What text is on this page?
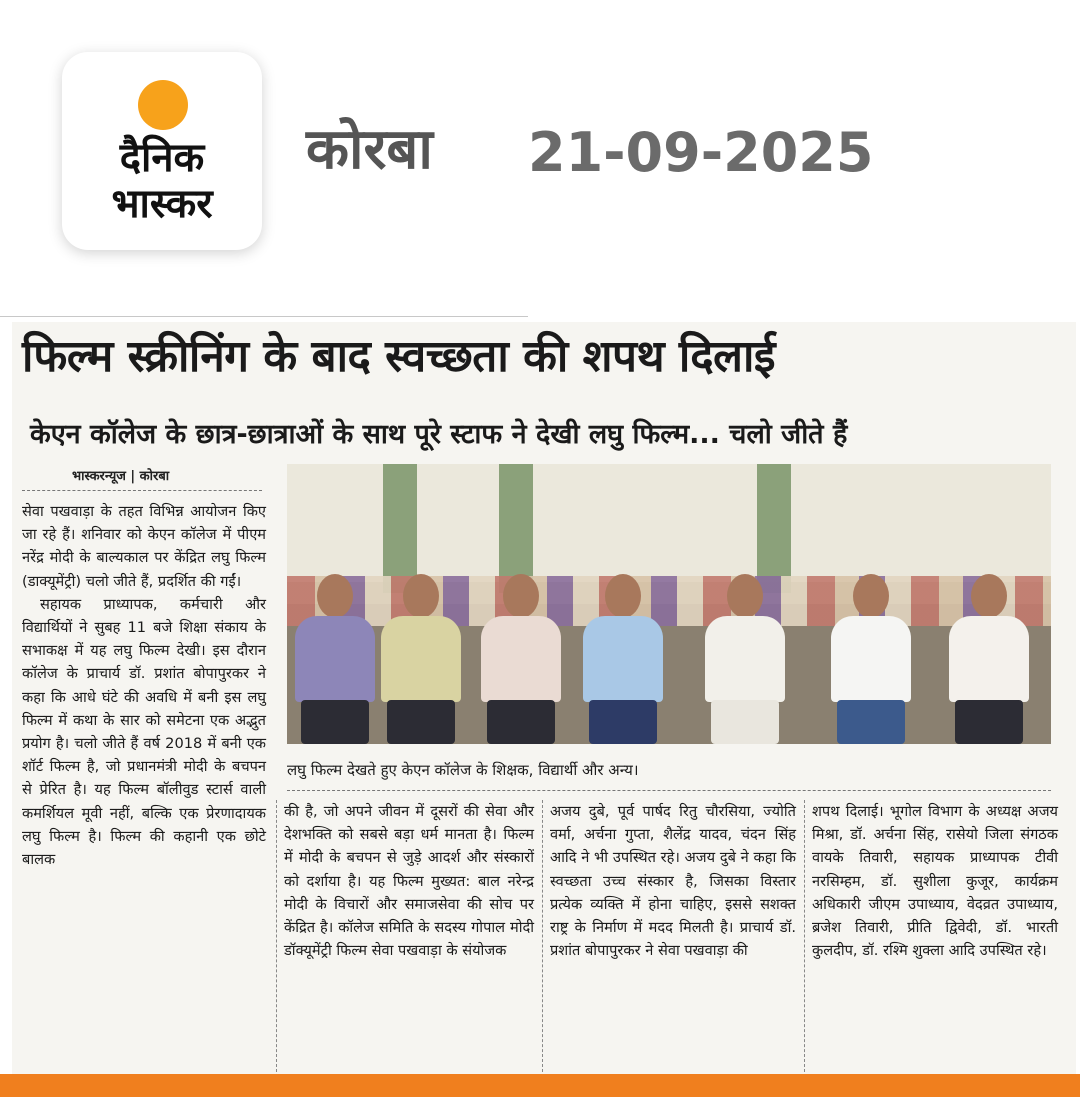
दैनिक
भास्कर
कोरबा 21-09-2025
फिल्म स्क्रीनिंग के बाद स्वच्छता की शपथ दिलाई
केएन कॉलेज के छात्र-छात्राओं के साथ पूरे स्टाफ ने देखी लघु फिल्म... चलो जीते हैं
भास्करन्यूज | कोरबा

सेवा पखवाड़ा के तहत विभिन्न आयोजन किए जा रहे हैं। शनिवार को केएन कॉलेज में पीएम नरेंद्र मोदी के बाल्यकाल पर केंद्रित लघु फिल्म (डाक्यूमेंट्री) चलो जीते हैं, प्रदर्शित की गईं।

सहायक प्राध्यापक, कर्मचारी और विद्यार्थियों ने सुबह 11 बजे शिक्षा संकाय के सभाकक्ष में यह लघु फिल्म देखी। इस दौरान कॉलेज के प्राचार्य डॉ. प्रशांत बोपापुरकर ने कहा कि आधे घंटे की अवधि में बनी इस लघु फिल्म में कथा के सार को समेटना एक अद्भुत प्रयोग है। चलो जीते हैं वर्ष 2018 में बनी एक शॉर्ट फिल्म है, जो प्रधानमंत्री मोदी के बचपन से प्रेरित है। यह फिल्म बॉलीवुड स्टार्स वाली कमर्शियल मूवी नहीं, बल्कि एक प्रेरणादायक लघु फिल्म है। फिल्म की कहानी एक छोटे बालक

लघु फिल्म देखते हुए केएन कॉलेज के शिक्षक, विद्यार्थी और अन्य।

की है, जो अपने जीवन में दूसरों की सेवा और देशभक्ति को सबसे बड़ा धर्म मानता है। फिल्म में मोदी के बचपन से जुड़े आदर्श और संस्कारों को दर्शाया है। यह फिल्म मुख्यत: बाल नरेन्द्र मोदी के विचारों और समाजसेवा की सोच पर केंद्रित है। कॉलेज समिति के सदस्य गोपाल मोदी डॉक्यूमेंट्री फिल्म सेवा पखवाड़ा के संयोजक

अजय दुबे, पूर्व पार्षद रितु चौरसिया, ज्योति वर्मा, अर्चना गुप्ता, शैलेंद्र यादव, चंदन सिंह आदि ने भी उपस्थित रहे। अजय दुबे ने कहा कि स्वच्छता उच्च संस्कार है, जिसका विस्तार प्रत्येक व्यक्ति में होना चाहिए, इससे सशक्त राष्ट्र के निर्माण में मदद मिलती है। प्राचार्य डॉ. प्रशांत बोपापुरकर ने सेवा पखवाड़ा की

शपथ दिलाई। भूगोल विभाग के अध्यक्ष अजय मिश्रा, डॉ. अर्चना सिंह, रासेयो जिला संगठक वायके तिवारी, सहायक प्राध्यापक टीवी नरसिम्हम, डॉ. सुशीला कुजूर, कार्यक्रम अधिकारी जीएम उपाध्याय, वेदव्रत उपाध्याय, ब्रजेश तिवारी, प्रीति द्विवेदी, डॉ. भारती कुलदीप, डॉ. रश्मि शुक्ला आदि उपस्थित रहे।
